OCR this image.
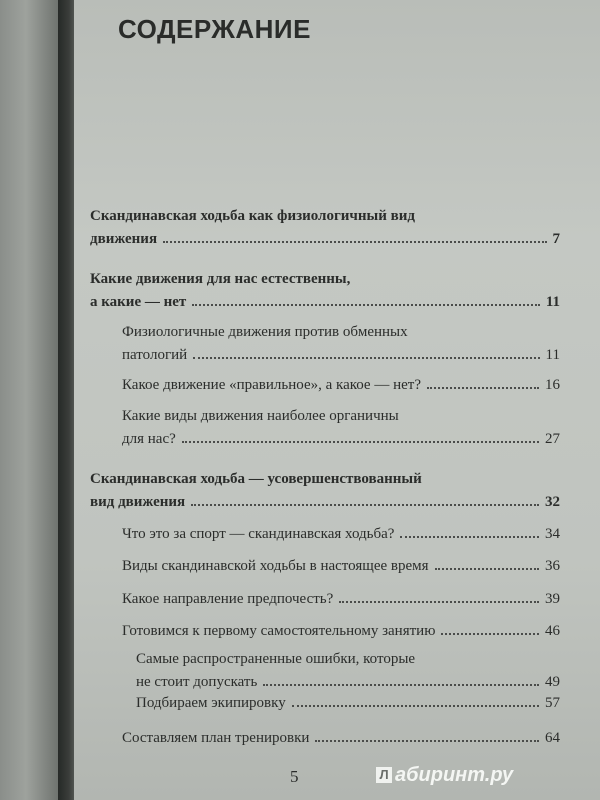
СОДЕРЖАНИЕ
Скандинавская ходьба как физиологичный вид
движения	7
Какие движения для нас естественны,
а какие — нет	11
Физиологичные движения против обменных
патологий	11
Какое движение «правильное», а какое — нет?	16
Какие виды движения наиболее органичны
для нас?	27
Скандинавская ходьба — усовершенствованный
вид движения	32
Что это за спорт — скандинавская ходьба?	34
Виды скандинавской ходьбы в настоящее время	36
Какое направление предпочесть?	39
Готовимся к первому самостоятельному занятию	46
Самые распространенные ошибки, которые
не стоит допускать	49
Подбираем экипировку	57
Составляем план тренировки	64
5	Л абиринт.ру
